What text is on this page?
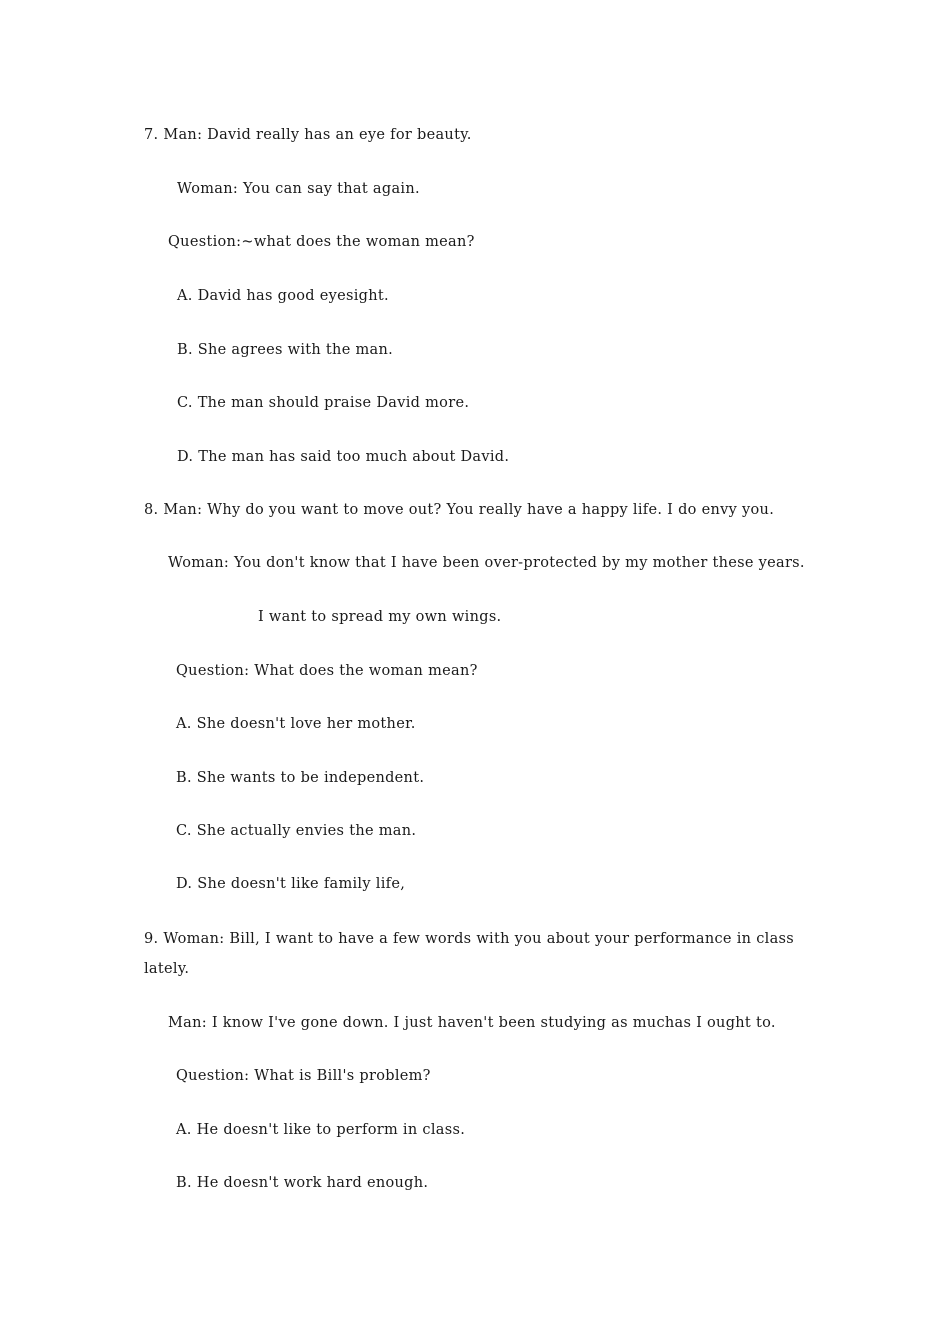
7. Man: David really has an eye for beauty.
Woman: You can say that again.
Question:~what does the woman mean?
A. David has good eyesight.
B. She agrees with the man.
C. The man should praise David more.
D. The man has said too much about David.
8. Man: Why do you want to move out? You really have a happy life. I do envy you.
Woman: You don't know that I have been over-protected by my mother these years.
I want to spread my own wings.
Question: What does the woman mean?
A. She doesn't love her mother.
B. She wants to be independent.
C. She actually envies the man.
D. She doesn't like family life,
9. Woman: Bill, I want to have a few words with you about your performance in class lately.
Man: I know I've gone down. I just haven't been studying as muchas I ought to.
Question: What is Bill's problem?
A. He doesn't like to perform in class.
B. He doesn't work hard enough.
